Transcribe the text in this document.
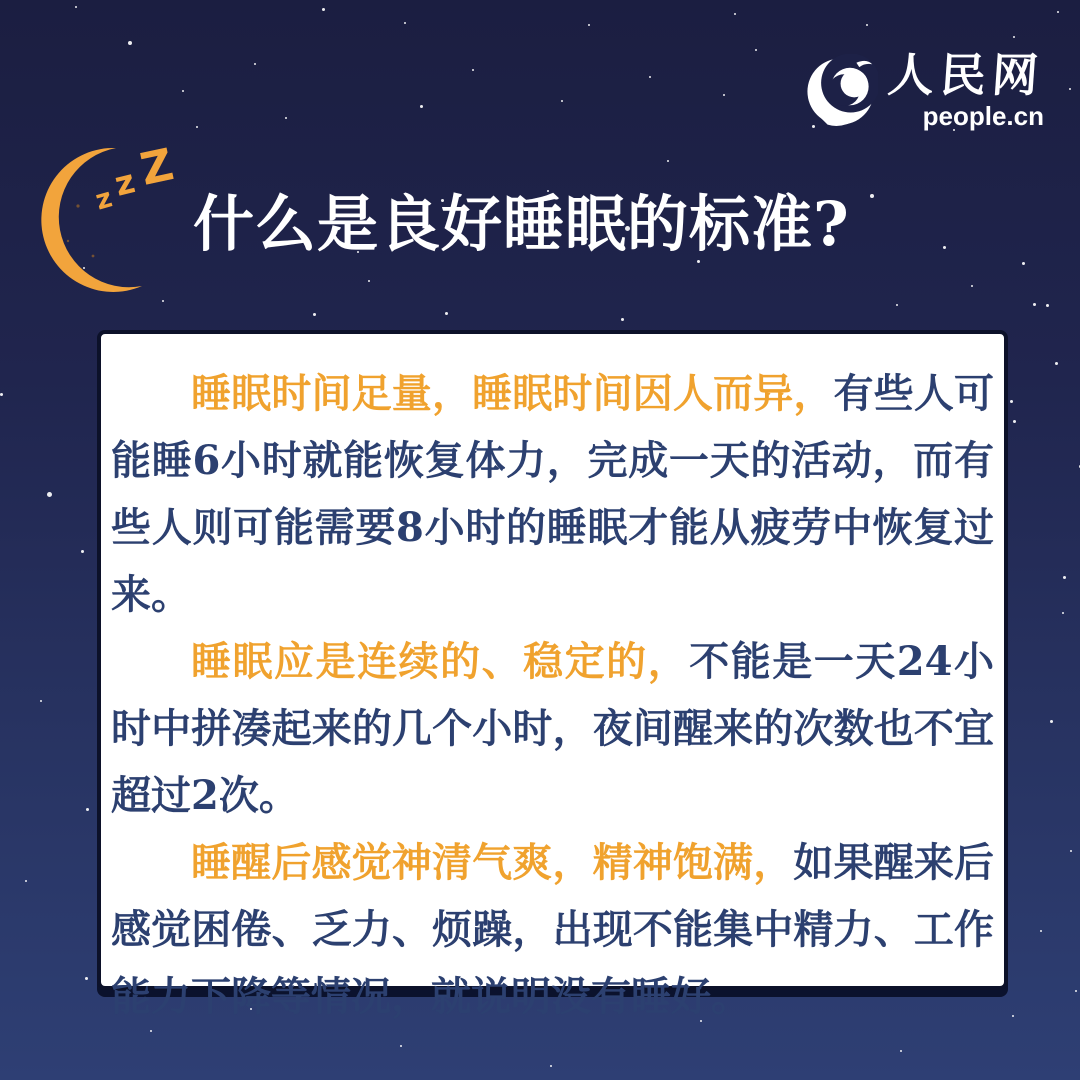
人民网
people.cn
z
z
Z
什么是良好睡眠的标准?

睡眠时间足量，睡眠时间因人而异，有些人可能睡6小时就能恢复体力，完成一天的活动，而有些人则可能需要8小时的睡眠才能从疲劳中恢复过来。

睡眠应是连续的、稳定的，不能是一天24小时中拼凑起来的几个小时，夜间醒来的次数也不宜超过2次。

睡醒后感觉神清气爽，精神饱满，如果醒来后感觉困倦、乏力、烦躁，出现不能集中精力、工作能力下降等情况，就说明没有睡好。
